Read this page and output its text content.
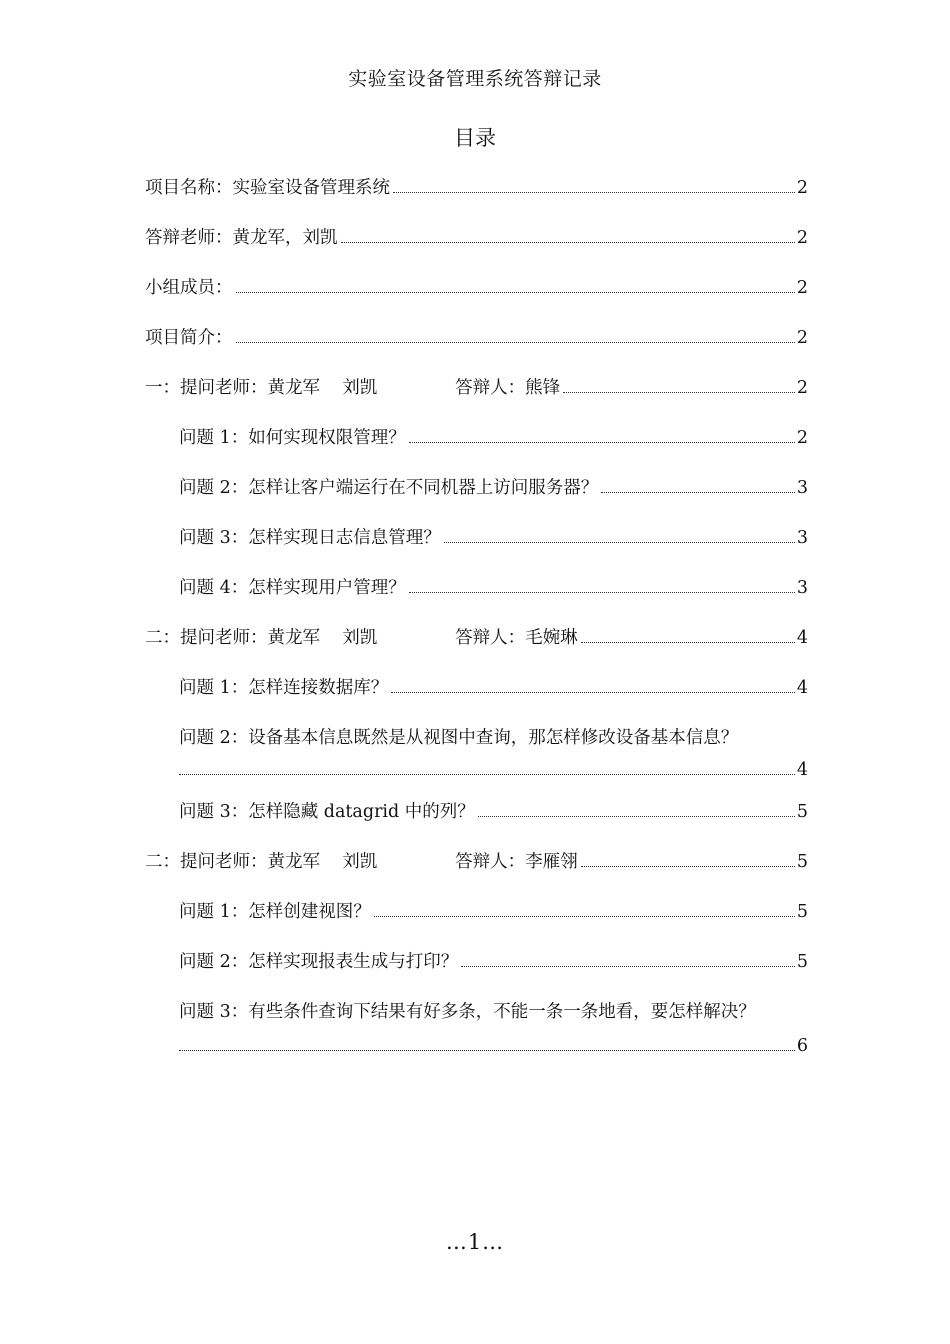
实验室设备管理系统答辩记录
目录
项目名称：实验室设备管理系统	2
答辩老师：黄龙军，刘凯	2
小组成员：	2
项目简介：	2
一：提问老师：黄龙军    刘凯              答辩人：熊锋	2
问题 1：如何实现权限管理？	2
问题 2：怎样让客户端运行在不同机器上访问服务器？	3
问题 3：怎样实现日志信息管理？	3
问题 4：怎样实现用户管理？	3
二：提问老师：黄龙军    刘凯              答辩人：毛婉琳	4
问题 1：怎样连接数据库？	4
问题 2：设备基本信息既然是从视图中查询，那怎样修改设备基本信息？
4
问题 3：怎样隐藏 datagrid 中的列？	5
二：提问老师：黄龙军    刘凯              答辩人：李雁翎	5
问题 1：怎样创建视图？	5
问题 2：怎样实现报表生成与打印？	5
问题 3：有些条件查询下结果有好多条，不能一条一条地看，要怎样解决？
6
…1…
